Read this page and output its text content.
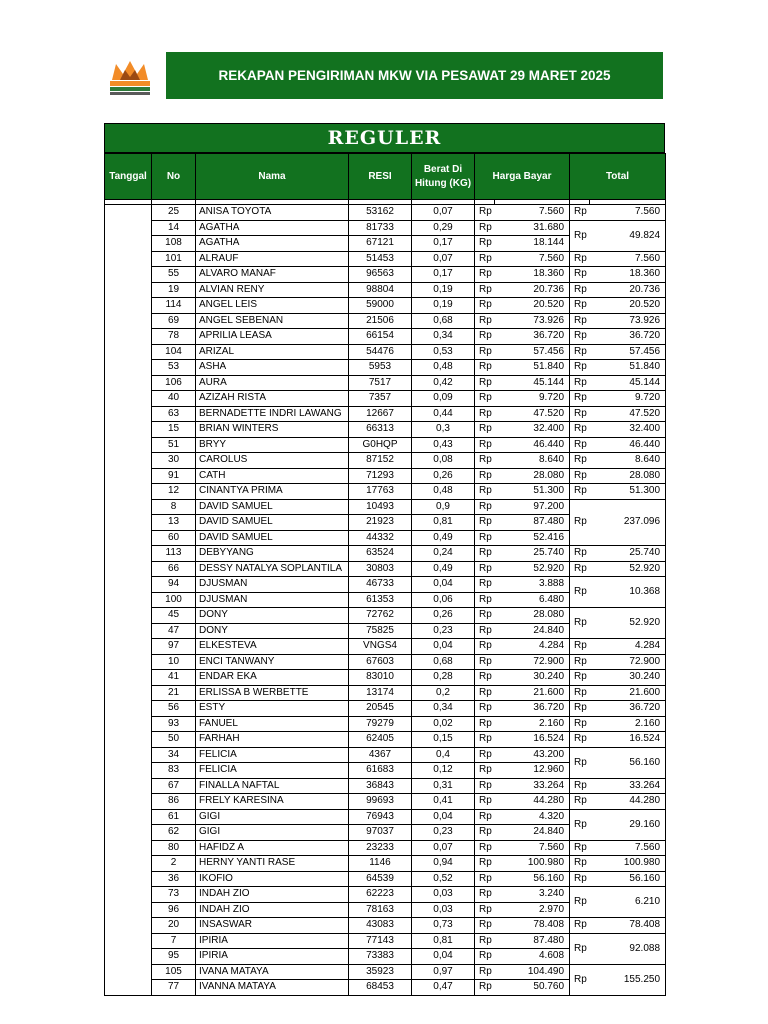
REKAPAN PENGIRIMAN MKW VIA PESAWAT 29 MARET 2025
REGULER
Tanggal	No	Nama	RESI	Berat Di Hitung (KG)	Harga Bayar		Total	

	25	ANISA TOYOTA	53162	0,07	Rp	7.560	Rp	7.560
	14	AGATHA	81733	0,29	Rp	31.680	Rp	49.824
	108	AGATHA	67121	0,17	Rp	18.144		
	101	ALRAUF	51453	0,07	Rp	7.560	Rp	7.560
	55	ALVARO MANAF	96563	0,17	Rp	18.360	Rp	18.360
	19	ALVIAN RENY	98804	0,19	Rp	20.736	Rp	20.736
	114	ANGEL LEIS	59000	0,19	Rp	20.520	Rp	20.520
	69	ANGEL SEBENAN	21506	0,68	Rp	73.926	Rp	73.926
	78	APRILIA LEASA	66154	0,34	Rp	36.720	Rp	36.720
	104	ARIZAL	54476	0,53	Rp	57.456	Rp	57.456
	53	ASHA	5953	0,48	Rp	51.840	Rp	51.840
	106	AURA	7517	0,42	Rp	45.144	Rp	45.144
	40	AZIZAH RISTA	7357	0,09	Rp	9.720	Rp	9.720
	63	BERNADETTE INDRI LAWANG	12667	0,44	Rp	47.520	Rp	47.520
	15	BRIAN WINTERS	66313	0,3	Rp	32.400	Rp	32.400
	51	BRYY	G0HQP	0,43	Rp	46.440	Rp	46.440
	30	CAROLUS	87152	0,08	Rp	8.640	Rp	8.640
	91	CATH	71293	0,26	Rp	28.080	Rp	28.080
	12	CINANTYA PRIMA	17763	0,48	Rp	51.300	Rp	51.300
	8	DAVID SAMUEL	10493	0,9	Rp	97.200	Rp	237.096
	13	DAVID SAMUEL	21923	0,81	Rp	87.480		
	60	DAVID SAMUEL	44332	0,49	Rp	52.416		
	113	DEBYYANG	63524	0,24	Rp	25.740	Rp	25.740
	66	DESSY NATALYA SOPLANTILA	30803	0,49	Rp	52.920	Rp	52.920
	94	DJUSMAN	46733	0,04	Rp	3.888	Rp	10.368
	100	DJUSMAN	61353	0,06	Rp	6.480		
	45	DONY	72762	0,26	Rp	28.080	Rp	52.920
	47	DONY	75825	0,23	Rp	24.840		
	97	ELKESTEVA	VNGS4	0,04	Rp	4.284	Rp	4.284
	10	ENCI TANWANY	67603	0,68	Rp	72.900	Rp	72.900
	41	ENDAR EKA	83010	0,28	Rp	30.240	Rp	30.240
	21	ERLISSA B WERBETTE	13174	0,2	Rp	21.600	Rp	21.600
	56	ESTY	20545	0,34	Rp	36.720	Rp	36.720
	93	FANUEL	79279	0,02	Rp	2.160	Rp	2.160
	50	FARHAH	62405	0,15	Rp	16.524	Rp	16.524
	34	FELICIA	4367	0,4	Rp	43.200	Rp	56.160
	83	FELICIA	61683	0,12	Rp	12.960		
	67	FINALLA NAFTAL	36843	0,31	Rp	33.264	Rp	33.264
	86	FRELY KARESINA	99693	0,41	Rp	44.280	Rp	44.280
	61	GIGI	76943	0,04	Rp	4.320	Rp	29.160
	62	GIGI	97037	0,23	Rp	24.840		
	80	HAFIDZ A	23233	0,07	Rp	7.560	Rp	7.560
	2	HERNY YANTI RASE	1146	0,94	Rp	100.980	Rp	100.980
	36	IKOFIO	64539	0,52	Rp	56.160	Rp	56.160
	73	INDAH ZIO	62223	0,03	Rp	3.240	Rp	6.210
	96	INDAH ZIO	78163	0,03	Rp	2.970		
	20	INSASWAR	43083	0,73	Rp	78.408	Rp	78.408
	7	IPIRIA	77143	0,81	Rp	87.480	Rp	92.088
	95	IPIRIA	73383	0,04	Rp	4.608		
	105	IVANA MATAYA	35923	0,97	Rp	104.490	Rp	155.250
	77	IVANNA MATAYA	68453	0,47	Rp	50.760		
